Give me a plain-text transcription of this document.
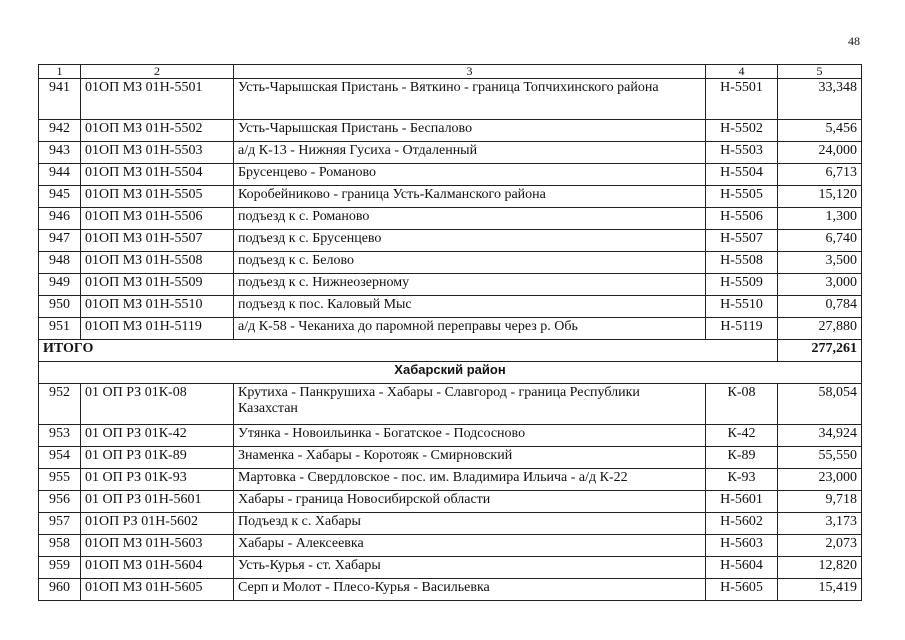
48
1	2	3	4	5
941	01ОП МЗ 01Н-5501	Усть-Чарышская Пристань - Вяткино - граница Топчихинского района	Н-5501	33,348
942	01ОП МЗ 01Н-5502	Усть-Чарышская Пристань - Беспалово	Н-5502	5,456
943	01ОП МЗ 01Н-5503	а/д К-13 - Нижняя Гусиха - Отдаленный	Н-5503	24,000
944	01ОП МЗ 01Н-5504	Брусенцево - Романово	Н-5504	6,713
945	01ОП МЗ 01Н-5505	Коробейниково - граница Усть-Калманского района	Н-5505	15,120
946	01ОП МЗ 01Н-5506	подъезд к с. Романово	Н-5506	1,300
947	01ОП МЗ 01Н-5507	подъезд к с. Брусенцево	Н-5507	6,740
948	01ОП МЗ 01Н-5508	подъезд к с. Белово	Н-5508	3,500
949	01ОП МЗ 01Н-5509	подъезд к с. Нижнеозерному	Н-5509	3,000
950	01ОП МЗ 01Н-5510	подъезд к пос. Каловый Мыс	Н-5510	0,784
951	01ОП МЗ 01Н-5119	а/д К-58 - Чеканиха до паромной переправы через р. Обь	Н-5119	27,880
ИТОГО				277,261
Хабарский район				
952	01 ОП РЗ 01К-08	Крутиха - Панкрушиха - Хабары - Славгород - граница Республики Казахстан	К-08	58,054
953	01 ОП РЗ 01К-42	Утянка - Новоильинка - Богатское - Подсосново	К-42	34,924
954	01 ОП РЗ 01К-89	Знаменка - Хабары - Коротояк - Смирновский	К-89	55,550
955	01 ОП РЗ 01К-93	Мартовка - Свердловское - пос. им. Владимира Ильича - а/д К-22	К-93	23,000
956	01 ОП РЗ 01Н-5601	Хабары - граница Новосибирской области	Н-5601	9,718
957	01ОП РЗ 01Н-5602	Подъезд к с. Хабары	Н-5602	3,173
958	01ОП МЗ 01Н-5603	Хабары - Алексеевка	Н-5603	2,073
959	01ОП МЗ 01Н-5604	Усть-Курья - ст. Хабары	Н-5604	12,820
960	01ОП МЗ 01Н-5605	Серп и Молот - Плесо-Курья - Васильевка	Н-5605	15,419
